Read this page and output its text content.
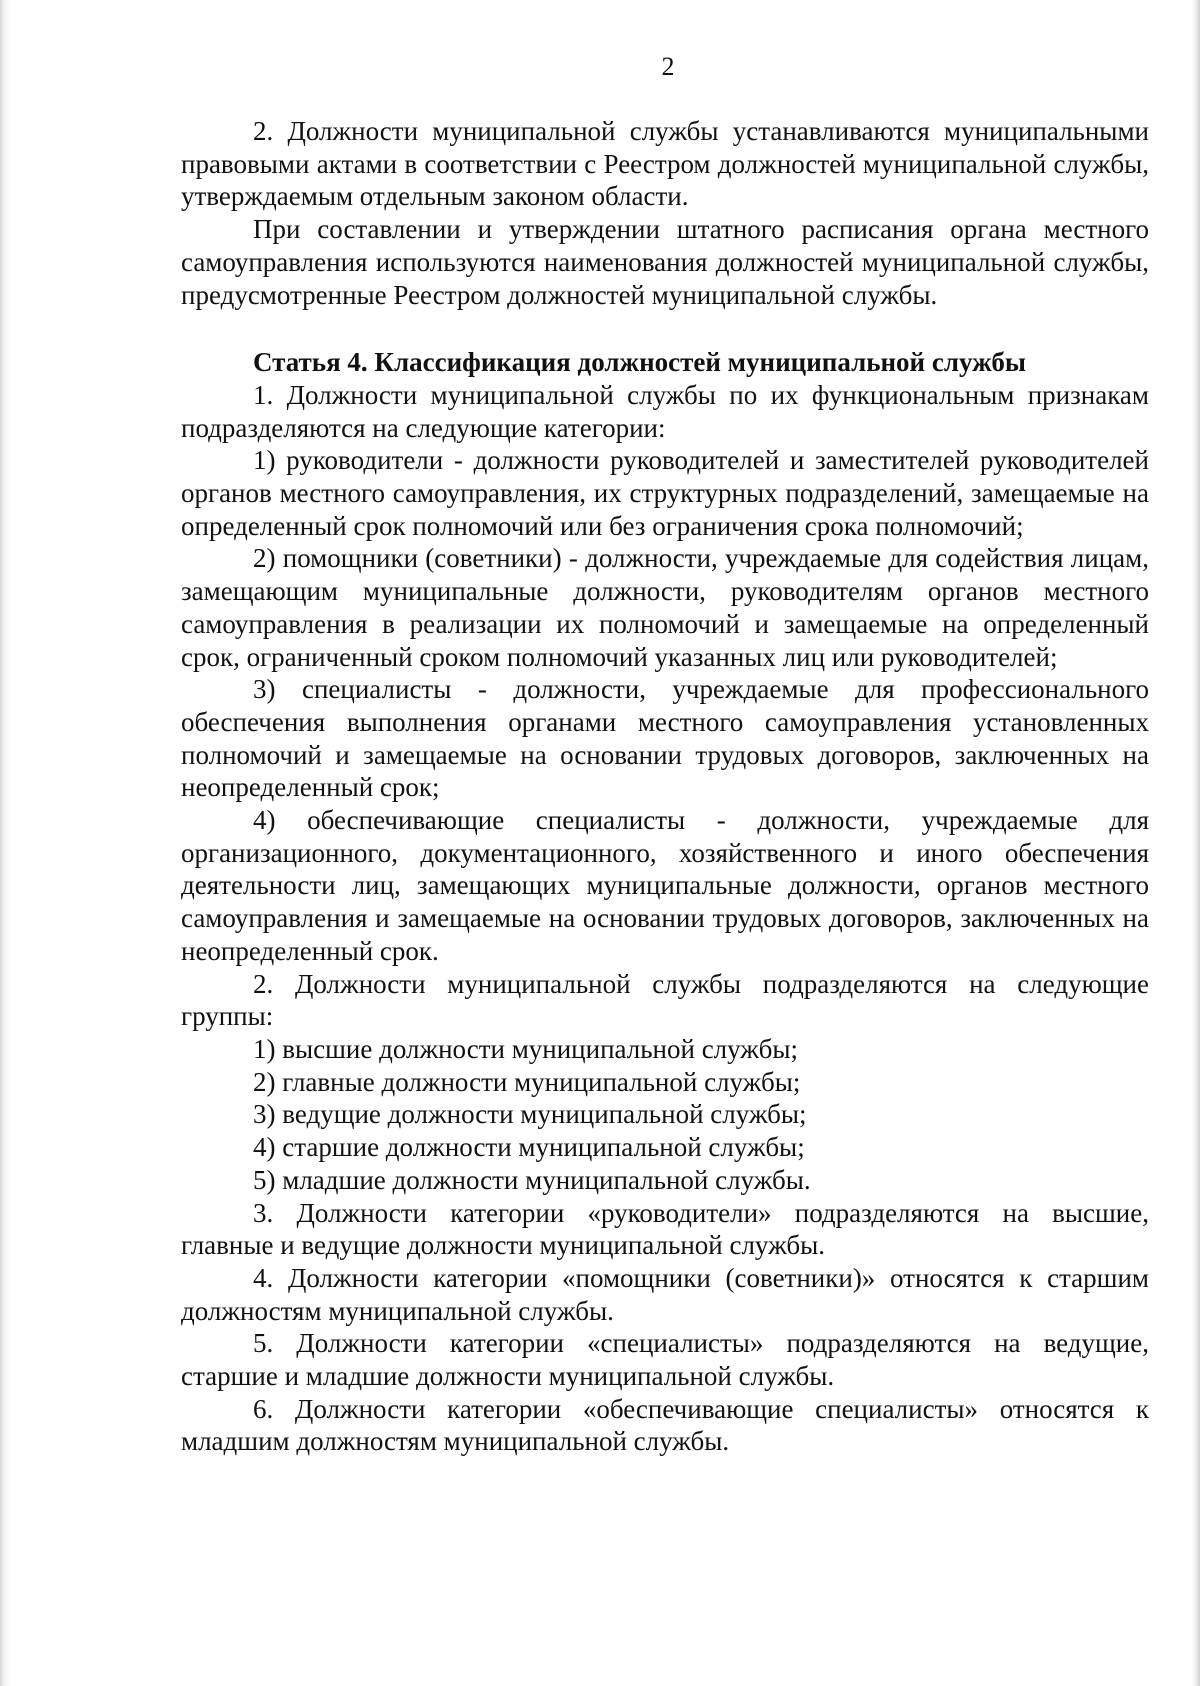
2

2. Должности муниципальной службы устанавливаются муниципальными правовыми актами в соответствии с Реестром должностей муниципальной службы, утверждаемым отдельным законом области.

При составлении и утверждении штатного расписания органа местного самоуправления используются наименования должностей муниципальной службы, предусмотренные Реестром должностей муниципальной службы.

Статья 4. Классификация должностей муниципальной службы

1. Должности муниципальной службы по их функциональным признакам подразделяются на следующие категории:

1) руководители - должности руководителей и заместителей руководителей органов местного самоуправления, их структурных подразделений, замещаемые на определенный срок полномочий или без ограничения срока полномочий;

2) помощники (советники) - должности, учреждаемые для содействия лицам, замещающим муниципальные должности, руководителям органов местного самоуправления в реализации их полномочий и замещаемые на определенный срок, ограниченный сроком полномочий указанных лиц или руководителей;

3) специалисты - должности, учреждаемые для профессионального обеспечения выполнения органами местного самоуправления установленных полномочий и замещаемые на основании трудовых договоров, заключенных на неопределенный срок;

4) обеспечивающие специалисты - должности, учреждаемые для организационного, документационного, хозяйственного и иного обеспечения деятельности лиц, замещающих муниципальные должности, органов местного самоуправления и замещаемые на основании трудовых договоров, заключенных на неопределенный срок.

2. Должности муниципальной службы подразделяются на следующие группы:

1) высшие должности муниципальной службы;

2) главные должности муниципальной службы;

3) ведущие должности муниципальной службы;

4) старшие должности муниципальной службы;

5) младшие должности муниципальной службы.

3. Должности категории «руководители» подразделяются на высшие, главные и ведущие должности муниципальной службы.

4. Должности категории «помощники (советники)» относятся к старшим должностям муниципальной службы.

5. Должности категории «специалисты» подразделяются на ведущие, старшие и младшие должности муниципальной службы.

6. Должности категории «обеспечивающие специалисты» относятся к младшим должностям муниципальной службы.
